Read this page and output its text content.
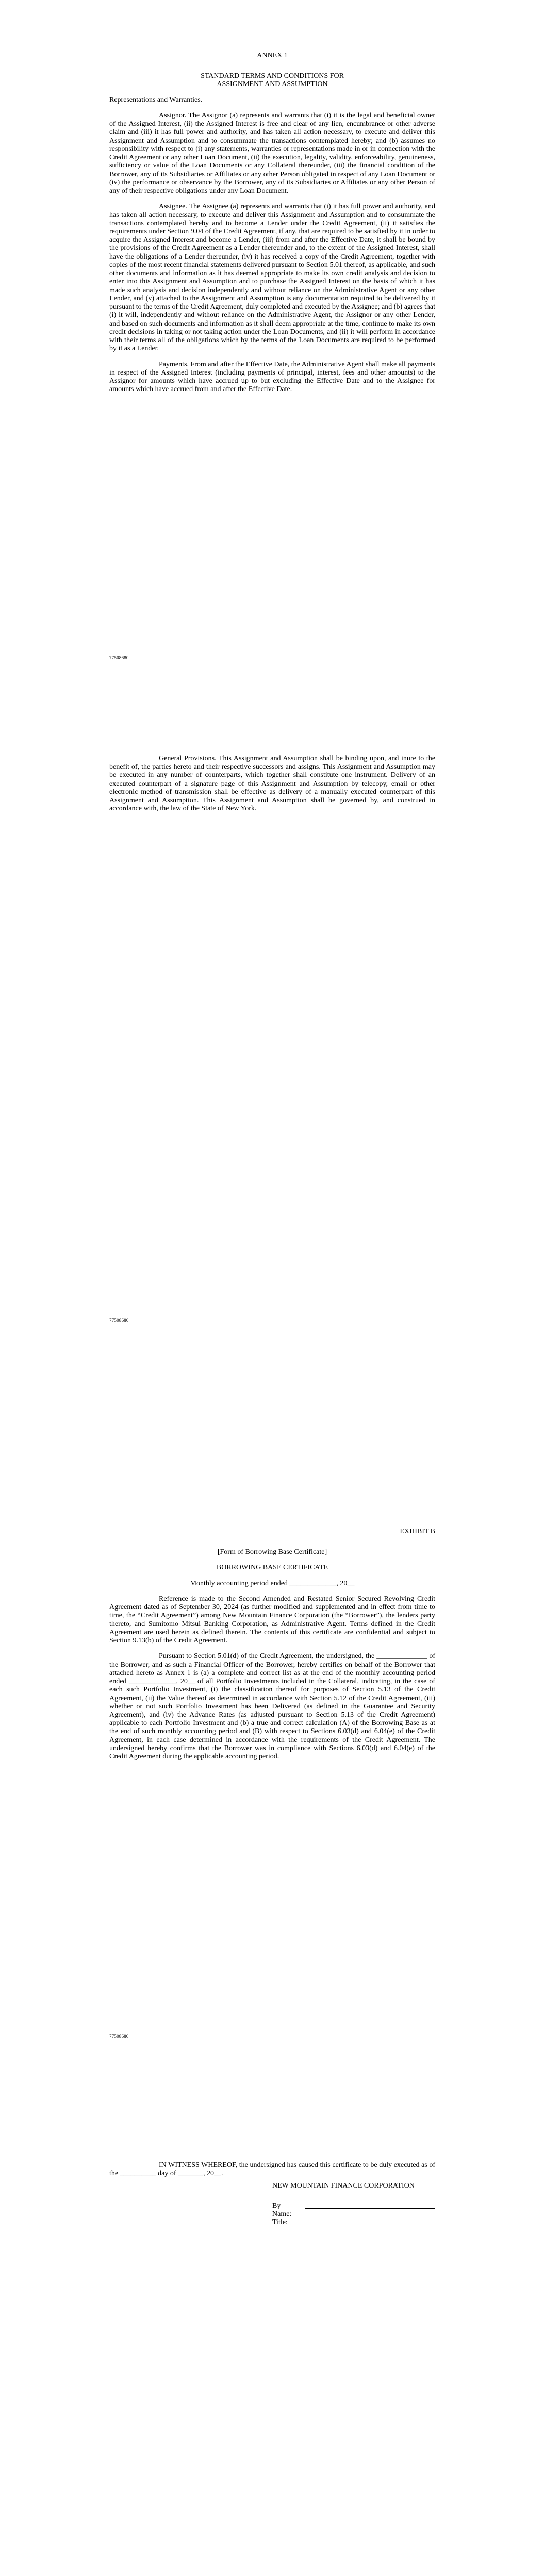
ANNEX 1

STANDARD TERMS AND CONDITIONS FOR

ASSIGNMENT AND ASSUMPTION

Representations and Warranties.

Assignor. The Assignor (a) represents and warrants that (i) it is the legal and beneficial owner of the Assigned Interest, (ii) the Assigned Interest is free and clear of any lien, encumbrance or other adverse claim and (iii) it has full power and authority, and has taken all action necessary, to execute and deliver this Assignment and Assumption and to consummate the transactions contemplated hereby; and (b) assumes no responsibility with respect to (i) any statements, warranties or representations made in or in connection with the Credit Agreement or any other Loan Document, (ii) the execution, legality, validity, enforceability, genuineness, sufficiency or value of the Loan Documents or any Collateral thereunder, (iii) the financial condition of the Borrower, any of its Subsidiaries or Affiliates or any other Person obligated in respect of any Loan Document or (iv) the performance or observance by the Borrower, any of its Subsidiaries or Affiliates or any other Person of any of their respective obligations under any Loan Document.

Assignee. The Assignee (a) represents and warrants that (i) it has full power and authority, and has taken all action necessary, to execute and deliver this Assignment and Assumption and to consummate the transactions contemplated hereby and to become a Lender under the Credit Agreement, (ii) it satisfies the requirements under Section 9.04 of the Credit Agreement, if any, that are required to be satisfied by it in order to acquire the Assigned Interest and become a Lender, (iii) from and after the Effective Date, it shall be bound by the provisions of the Credit Agreement as a Lender thereunder and, to the extent of the Assigned Interest, shall have the obligations of a Lender thereunder, (iv) it has received a copy of the Credit Agreement, together with copies of the most recent financial statements delivered pursuant to Section 5.01 thereof, as applicable, and such other documents and information as it has deemed appropriate to make its own credit analysis and decision to enter into this Assignment and Assumption and to purchase the Assigned Interest on the basis of which it has made such analysis and decision independently and without reliance on the Administrative Agent or any other Lender, and (v) attached to the Assignment and Assumption is any documentation required to be delivered by it pursuant to the terms of the Credit Agreement, duly completed and executed by the Assignee; and (b) agrees that (i) it will, independently and without reliance on the Administrative Agent, the Assignor or any other Lender, and based on such documents and information as it shall deem appropriate at the time, continue to make its own credit decisions in taking or not taking action under the Loan Documents, and (ii) it will perform in accordance with their terms all of the obligations which by the terms of the Loan Documents are required to be performed by it as a Lender.

Payments. From and after the Effective Date, the Administrative Agent shall make all payments in respect of the Assigned Interest (including payments of principal, interest, fees and other amounts) to the Assignor for amounts which have accrued up to but excluding the Effective Date and to the Assignee for amounts which have accrued from and after the Effective Date.

77508680

General Provisions. This Assignment and Assumption shall be binding upon, and inure to the benefit of, the parties hereto and their respective successors and assigns. This Assignment and Assumption may be executed in any number of counterparts, which together shall constitute one instrument. Delivery of an executed counterpart of a signature page of this Assignment and Assumption by telecopy, email or other electronic method of transmission shall be effective as delivery of a manually executed counterpart of this Assignment and Assumption. This Assignment and Assumption shall be governed by, and construed in accordance with, the law of the State of New York.

77508680

EXHIBIT B

[Form of Borrowing Base Certificate]

BORROWING BASE CERTIFICATE

Monthly accounting period ended _____________, 20__

Reference is made to the Second Amended and Restated Senior Secured Revolving Credit Agreement dated as of September 30, 2024 (as further modified and supplemented and in effect from time to time, the “Credit Agreement”) among New Mountain Finance Corporation (the “Borrower”), the lenders party thereto, and Sumitomo Mitsui Banking Corporation, as Administrative Agent. Terms defined in the Credit Agreement are used herein as defined therein. The contents of this certificate are confidential and subject to Section 9.13(b) of the Credit Agreement.

Pursuant to Section 5.01(d) of the Credit Agreement, the undersigned, the ______________ of the Borrower, and as such a Financial Officer of the Borrower, hereby certifies on behalf of the Borrower that attached hereto as Annex 1 is (a) a complete and correct list as at the end of the monthly accounting period ended _____________, 20__ of all Portfolio Investments included in the Collateral, indicating, in the case of each such Portfolio Investment, (i) the classification thereof for purposes of Section 5.13 of the Credit Agreement, (ii) the Value thereof as determined in accordance with Section 5.12 of the Credit Agreement, (iii) whether or not such Portfolio Investment has been Delivered (as defined in the Guarantee and Security Agreement), and (iv) the Advance Rates (as adjusted pursuant to Section 5.13 of the Credit Agreement) applicable to each Portfolio Investment and (b) a true and correct calculation (A) of the Borrowing Base as at the end of such monthly accounting period and (B) with respect to Sections 6.03(d) and 6.04(e) of the Credit Agreement, in each case determined in accordance with the requirements of the Credit Agreement. The undersigned hereby confirms that the Borrower was in compliance with Sections 6.03(d) and 6.04(e) of the Credit Agreement during the applicable accounting period.

77508680

IN WITNESS WHEREOF, the undersigned has caused this certificate to be duly executed as of the __________ day of _______, 20__.

NEW MOUNTAIN FINANCE CORPORATION

By
Name:
Title:
